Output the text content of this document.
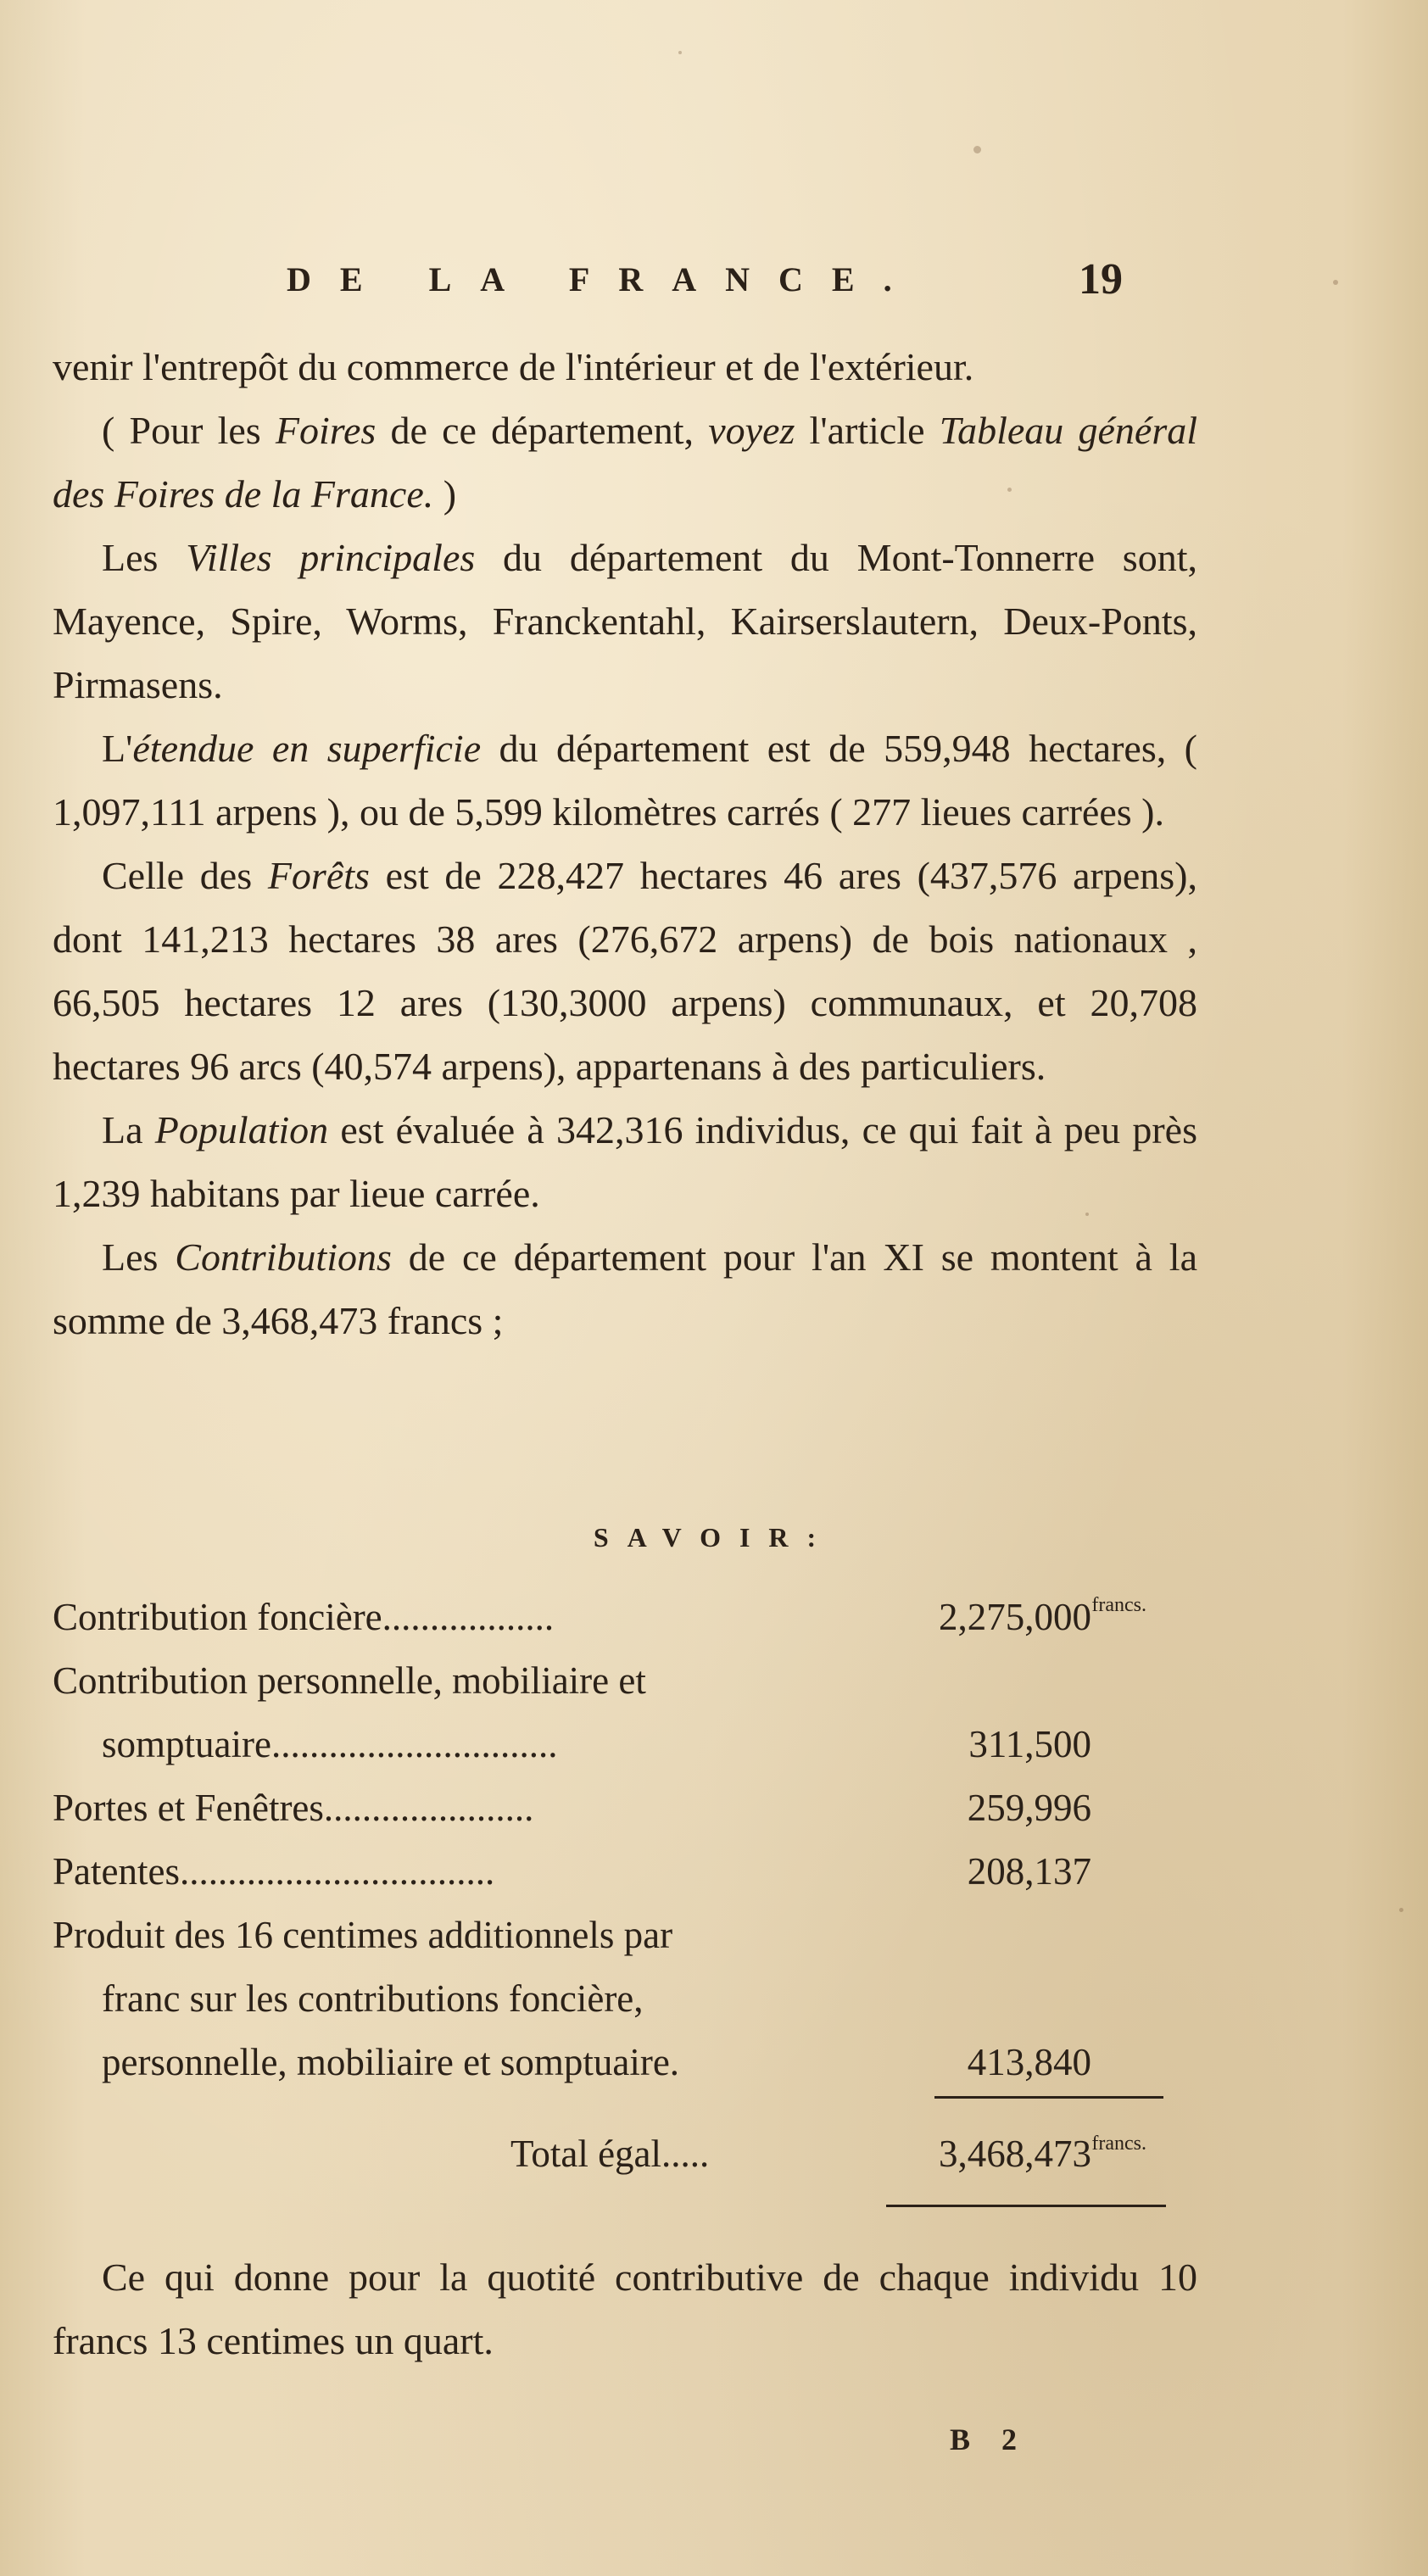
DE LA FRANCE.	19

venir l'entrepôt du commerce de l'intérieur et de l'extérieur.

( Pour les Foires de ce département, voyez l'article Tableau général des Foires de la France. )

Les Villes principales du département du Mont-Tonnerre sont, Mayence, Spire, Worms, Franckentahl, Kairserslautern, Deux-Ponts, Pirmasens.

L'étendue en superficie du département est de 559,948 hectares, ( 1,097,111 arpens ), ou de 5,599 kilomètres carrés ( 277 lieues carrées ).

Celle des Forêts est de 228,427 hectares 46 ares (437,576 arpens), dont 141,213 hectares 38 ares (276,672 arpens) de bois nationaux , 66,505 hectares 12 ares (130,3000 arpens) communaux, et 20,708 hectares 96 arcs (40,574 arpens), appartenans à des particuliers.

La Population est évaluée à 342,316 individus, ce qui fait à peu près 1,239 habitans par lieue carrée.

Les Contributions de ce département pour l'an XI se montent à la somme de 3,468,473 francs ;

SAVOIR:
Contribution foncière..................	2,275,000 francs.
Contribution personnelle, mobiliaire et
somptuaire..............................	311,500
Portes et Fenêtres......................	259,996
Patentes.................................	208,137
Produit des 16 centimes additionnels par
franc sur les contributions foncière,
personnelle, mobiliaire et somptuaire.	413,840
Total égal.....	3,468,473 francs.

Ce qui donne pour la quotité contributive de chaque individu 10 francs 13 centimes un quart.

B 2
